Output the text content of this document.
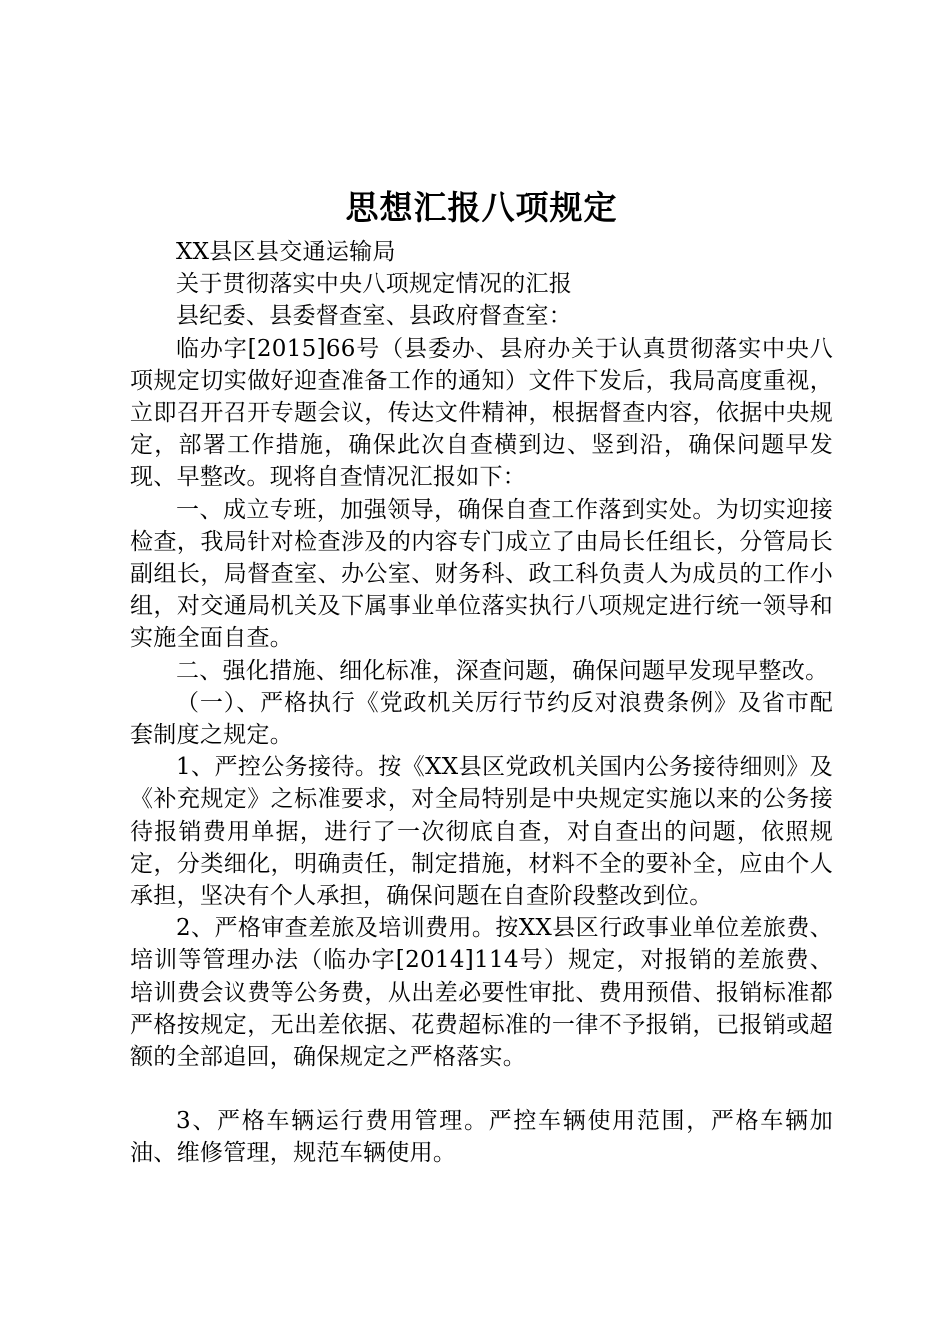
思想汇报八项规定

XX县区县交通运输局

关于贯彻落实中央八项规定情况的汇报

县纪委、县委督查室、县政府督查室：

临办字[2015]66号（县委办、县府办关于认真贯彻落实中央八项规定切实做好迎查准备工作的通知）文件下发后，我局高度重视，立即召开召开专题会议，传达文件精神，根据督查内容，依据中央规定，部署工作措施，确保此次自查横到边、竖到沿，确保问题早发现、早整改。现将自查情况汇报如下：

一、成立专班，加强领导，确保自查工作落到实处。为切实迎接检查，我局针对检查涉及的内容专门成立了由局长任组长，分管局长副组长，局督查室、办公室、财务科、政工科负责人为成员的工作小组，对交通局机关及下属事业单位落实执行八项规定进行统一领导和实施全面自查。

二、强化措施、细化标准，深查问题，确保问题早发现早整改。

（一）、严格执行《党政机关厉行节约反对浪费条例》及省市配套制度之规定。

1、严控公务接待。按《XX县区党政机关国内公务接待细则》及《补充规定》之标准要求，对全局特别是中央规定实施以来的公务接待报销费用单据，进行了一次彻底自查，对自查出的问题，依照规定，分类细化，明确责任，制定措施，材料不全的要补全，应由个人承担，坚决有个人承担，确保问题在自查阶段整改到位。

2、严格审查差旅及培训费用。按XX县区行政事业单位差旅费、培训等管理办法（临办字[2014]114号）规定，对报销的差旅费、培训费会议费等公务费，从出差必要性审批、费用预借、报销标准都严格按规定，无出差依据、花费超标准的一律不予报销，已报销或超额的全部追回，确保规定之严格落实。

3、严格车辆运行费用管理。严控车辆使用范围，严格车辆加油、维修管理，规范车辆使用。
